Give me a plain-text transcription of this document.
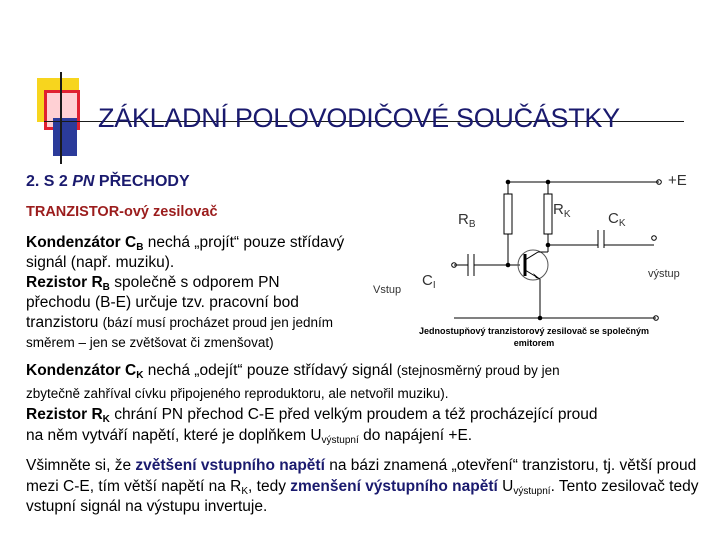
ZÁKLADNÍ POLOVODIČOVÉ SOUČÁSTKY
2. S 2 PN PŘECHODY
TRANZISTOR-ový zesilovač
Kondenzátor $C_B$ nechá „projít“ pouze střídavý
signál (např. muziku).
Rezistor $R_B$ společně s odporem PN
přechodu (B-E) určuje tzv. pracovní bod
tranzistoru (bází musí procházet proud jen jedním
směrem – jen se zvětšovat či zmenšovat)
Kondenzátor $C_K$ nechá „odejít“ pouze střídavý signál (stejnosměrný proud by jen
zbytečně zahříval cívku připojeného reproduktoru, ale netvořil muziku).
Rezistor $R_K$ chrání PN přechod C-E před velkým proudem a též procházející proud
na něm vytváří napětí, které je doplňkem $U_{výstupní}$ do napájení +E.
+E
$R_B$
$R_K$ $C_K$
$C_I$
Vstup
výstup
Jednostupňový tranzistorový zesilovač se společným emitorem
Všimněte si, že zvětšení vstupního napětí na bázi znamená „otevření“ tranzistoru, tj. větší proud mezi C-E, tím větší napětí na $R_K$, tedy zmenšení výstupního napětí $U_{výstupní}$. Tento zesilovač tedy vstupní signál na výstupu invertuje.
